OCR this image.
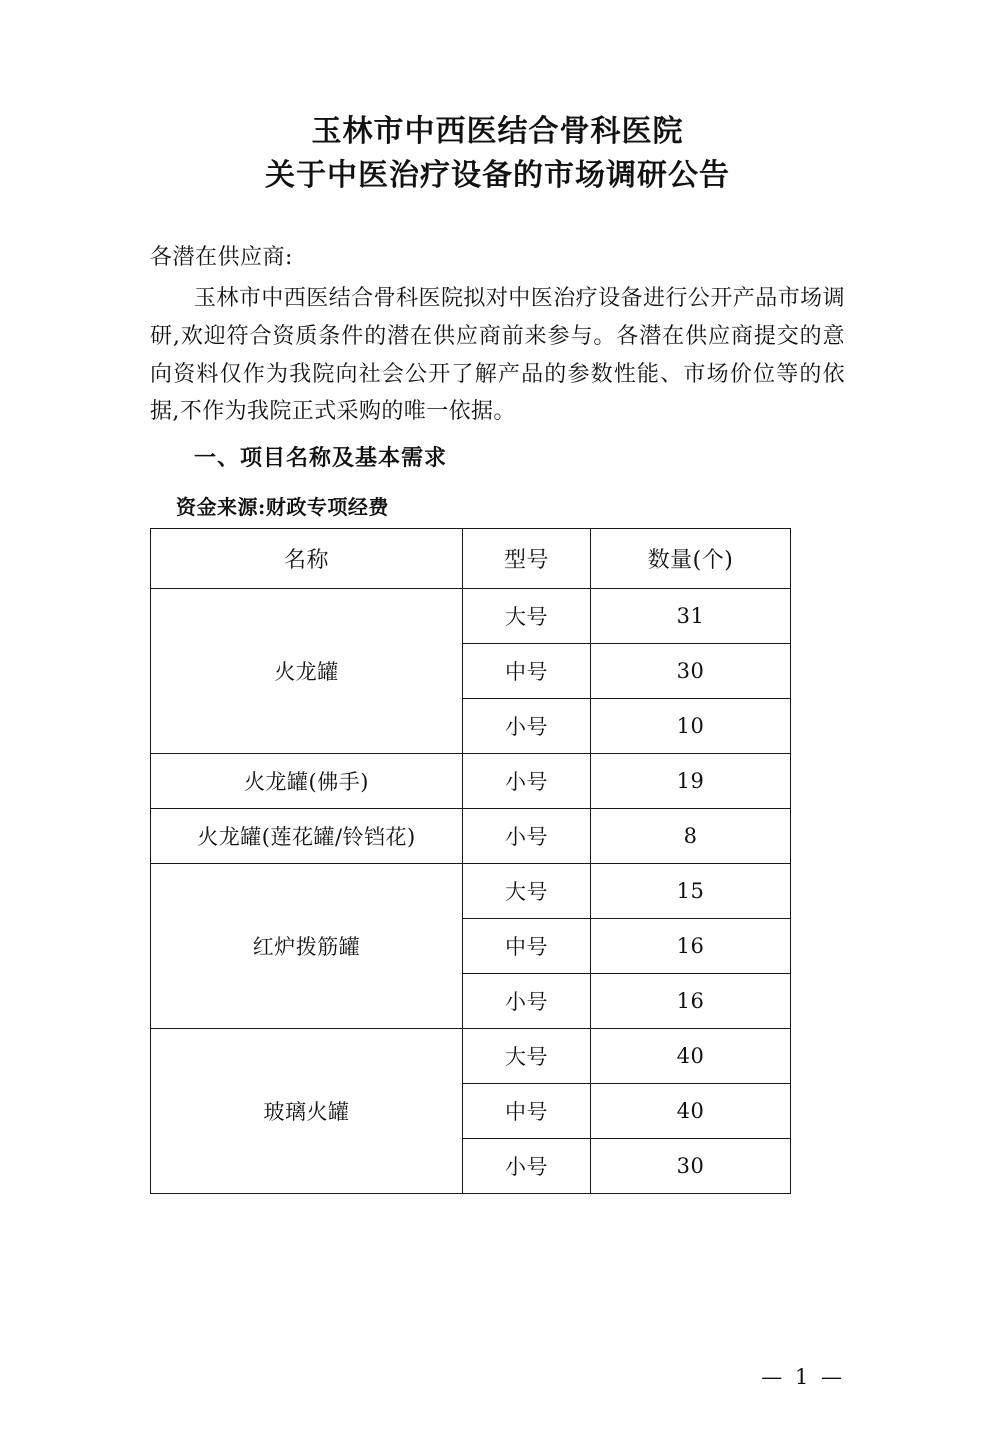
玉林市中西医结合骨科医院
关于中医治疗设备的市场调研公告

各潜在供应商:

玉林市中西医结合骨科医院拟对中医治疗设备进行公开产品市场调研,欢迎符合资质条件的潜在供应商前来参与。各潜在供应商提交的意向资料仅作为我院向社会公开了解产品的参数性能、市场价位等的依据,不作为我院正式采购的唯一依据。

一、项目名称及基本需求

资金来源:财政专项经费

名称	型号	数量(个)
火龙罐	大号	31
	中号	30
	小号	10
火龙罐(佛手)	小号	19
火龙罐(莲花罐/铃铛花)	小号	8
红炉拨筋罐	大号	15
	中号	16
	小号	16
玻璃火罐	大号	40
	中号	40
	小号	30
— 1 —
